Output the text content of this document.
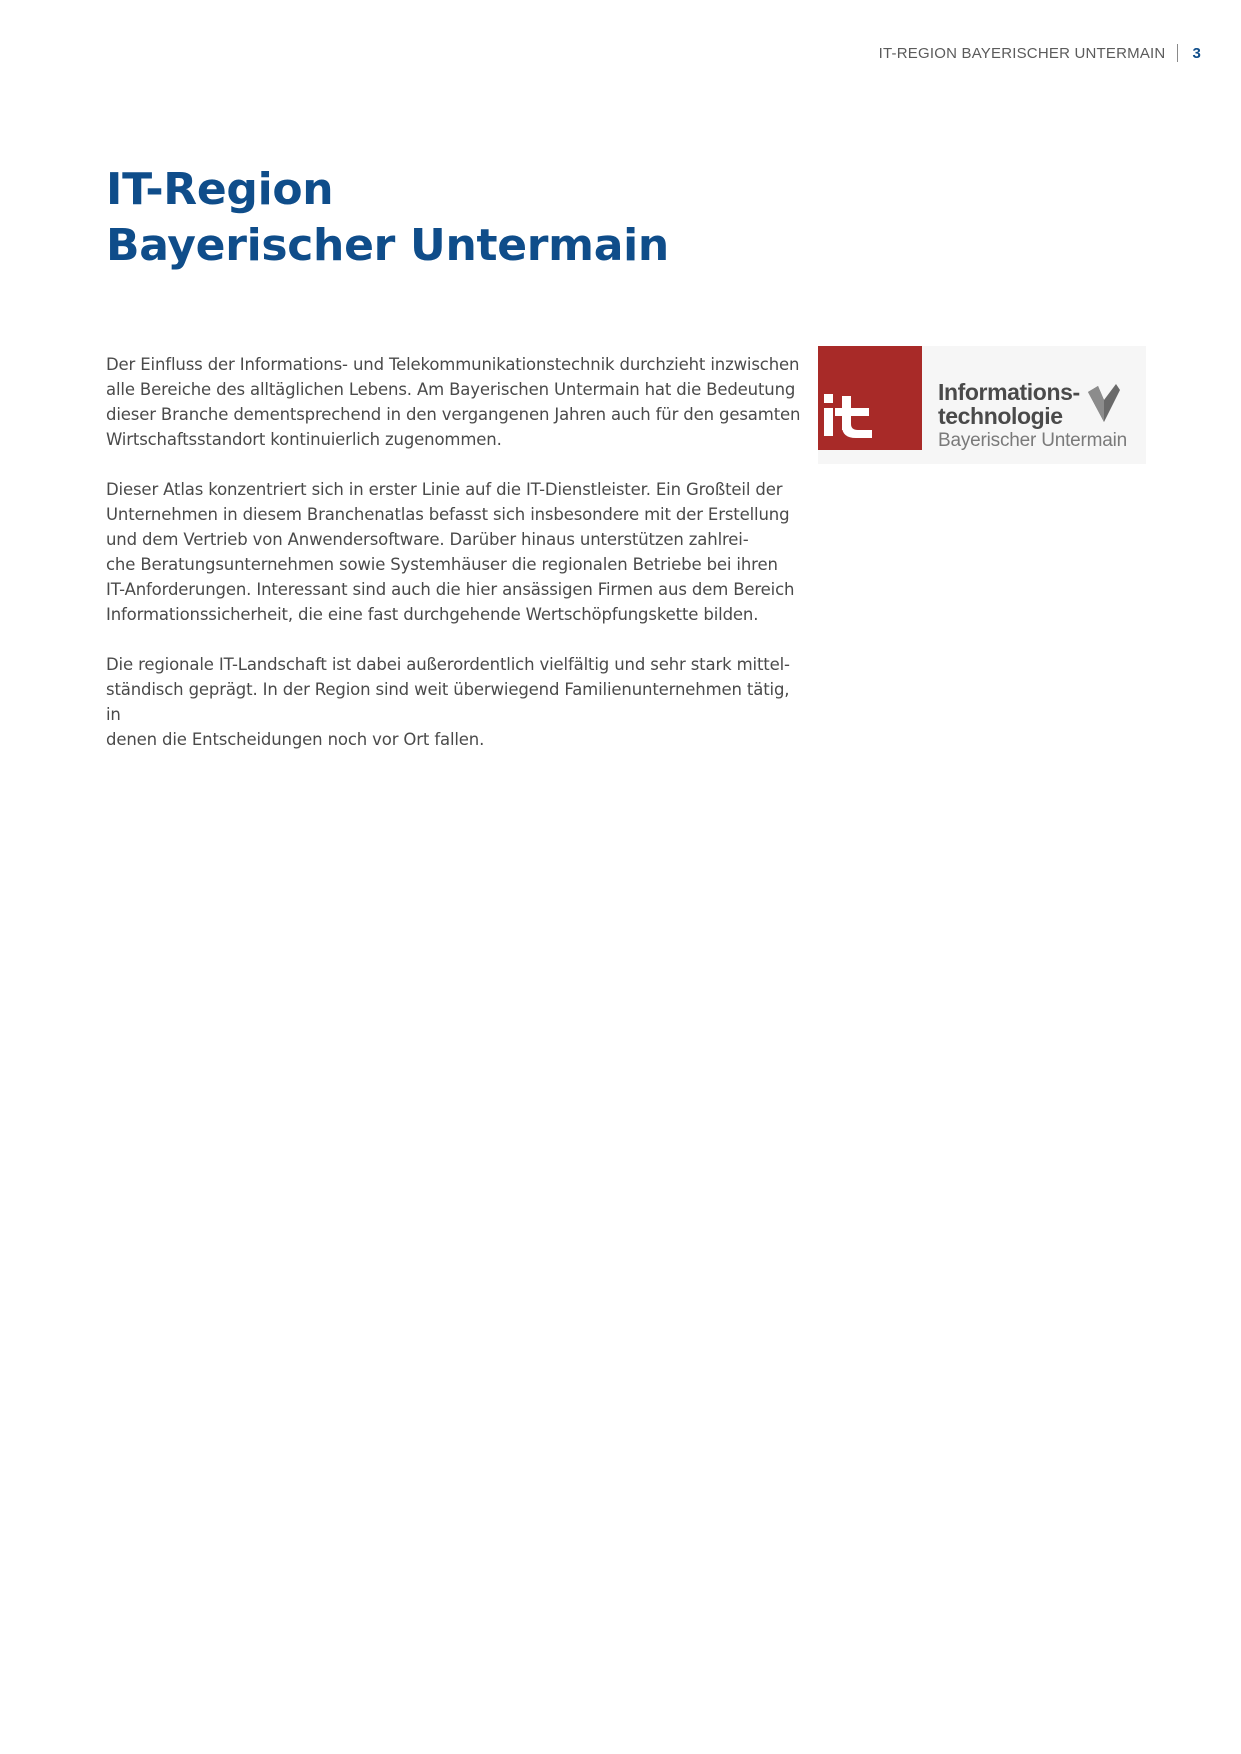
IT-REGION BAYERISCHER UNTERMAIN 3
IT-Region
Bayerischer Untermain

Der Einfluss der Informations- und Telekommunikationstechnik durchzieht inzwischen
alle Bereiche des alltäglichen Lebens. Am Bayerischen Untermain hat die Bedeutung
dieser Branche dementsprechend in den vergangenen Jahren auch für den gesamten
Wirtschaftsstandort kontinuierlich zugenommen.

Dieser Atlas konzentriert sich in erster Linie auf die IT-Dienstleister. Ein Großteil der
Unternehmen in diesem Branchenatlas befasst sich insbesondere mit der Erstellung
und dem Vertrieb von Anwendersoftware. Darüber hinaus unterstützen zahlrei-
che Beratungsunternehmen sowie Systemhäuser die regionalen Betriebe bei ihren
IT-Anforderungen. Interessant sind auch die hier ansässigen Firmen aus dem Bereich
Informationssicherheit, die eine fast durchgehende Wertschöpfungskette bilden.

Die regionale IT-Landschaft ist dabei außerordentlich vielfältig und sehr stark mittel-
ständisch geprägt. In der Region sind weit überwiegend Familienunternehmen tätig, in
denen die Entscheidungen noch vor Ort fallen.

Informations-
technologie
Bayerischer Untermain
